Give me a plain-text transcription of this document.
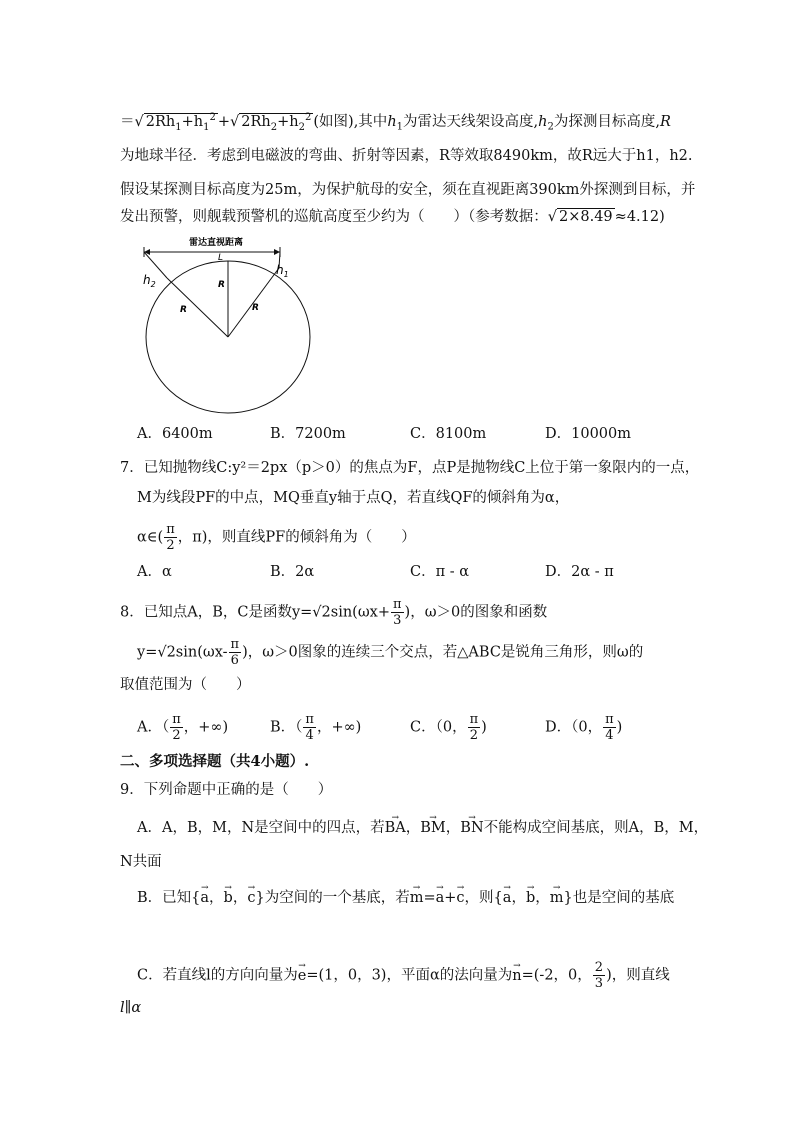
＝√ $2Rh_1+h_1^2$ +√ $2Rh_2+h_2^2$ (如图),其中$h_1$为雷达天线架设高度$,h_2$为探测目标高度,R
为地球半径．考虑到电磁波的弯曲、折射等因素，R等效取8490km，故R远大于h1，h2.
假设某探测目标高度为25m，为保护航母的安全，须在直视距离390km外探测到目标，并
发出预警，则舰载预警机的巡航高度至少约为（　　）（参考数据：√ 2×8.49 ≈4.12)
雷达直视距离
L
R
R
R
$h_2$
$h_1$
A．6400m	B．7200m	C．8100m	D．10000m
7．已知抛物线C:y²＝2px（p＞0）的焦点为F，点P是抛物线C上位于第一象限内的一点，
M为线段PF的中点，MQ垂直y轴于点Q，若直线QF的倾斜角为α，
α∈( $\frac{\pi}{2}$ ，π)，则直线PF的倾斜角为（　　）
A．α	B．2α	C．π - α	D．2α - π
8．已知点A，B，C是函数$y=√2\sin(\omega x+ \frac{\pi}{3}$ )，ω＞0的图象和函数
$y=√2\sin(\omega x- \frac{\pi}{6}$ )，ω＞0图象的连续三个交点，若△ABC是锐角三角形，则ω的
取值范围为（　　）
A．（ $\frac{\pi}{2}$ ，+∞)	B．（ $\frac{\pi}{4}$ ，+∞)	C．（0， $\frac{\pi}{2}$ )	D．（0， $\frac{\pi}{4}$ )
二、多项选择题（共4小题）.
9．下列命题中正确的是（　　）
A．A，B，M，N是空间中的四点，若→ BA，→ BM，→ BN不能构成空间基底，则A，B，M，
N共面
B．已知{→ a，→ b，→ c}为空间的一个基底，若→ m=→ a+→ c，则{→ a，→ b，→ m}也是空间的基底
C．若直线l的方向向量为→ e=(1，0，3)，平面α的法向量为→ n=(-2，0， $\frac{2}{3}$ )，则直线
l∥α
